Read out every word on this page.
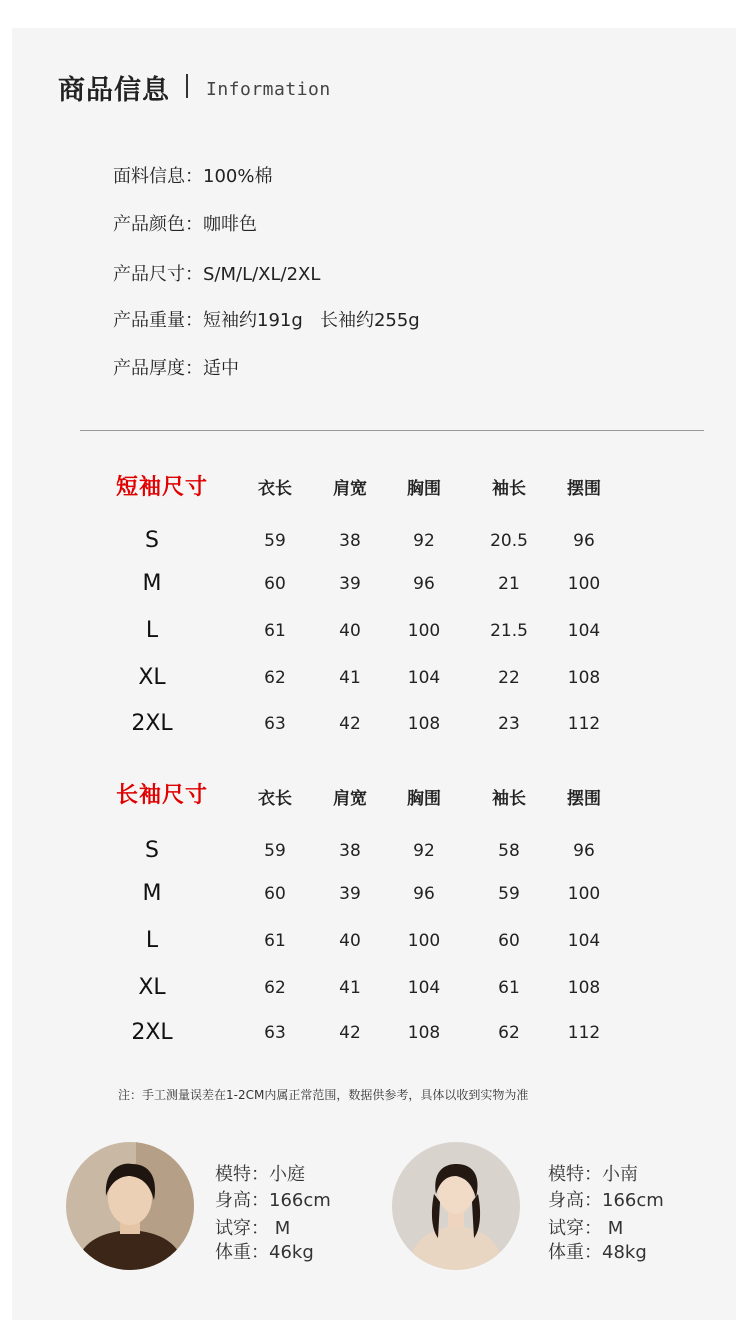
商品信息 Information
面料信息：100%棉
产品颜色：咖啡色
产品尺寸：S/M/L/XL/2XL
产品重量：短袖约191g   长袖约255g
产品厚度：适中
短袖尺寸	衣长 肩宽 胸围	袖长 摆围
S	59	38	92	20.5	96
M	60	39	96	21	100
L	61	40	100	21.5 104
XL	62	41	104	22	108
2XL	63	42	108	23	112
长袖尺寸	衣长 肩宽 胸围	袖长 摆围
S	59	38	92	58	96
M	60	39	96	59	100
L	61	40	100	60	104
XL	62	41	104	61	108
2XL	63	42	108	62	112
注：手工测量误差在1-2CM内属正常范围，数据供参考，具体以收到实物为准
模特：小庭
身高：166cm
试穿： M
体重：46kg
模特：小南
身高：166cm
试穿： M
体重：48kg
